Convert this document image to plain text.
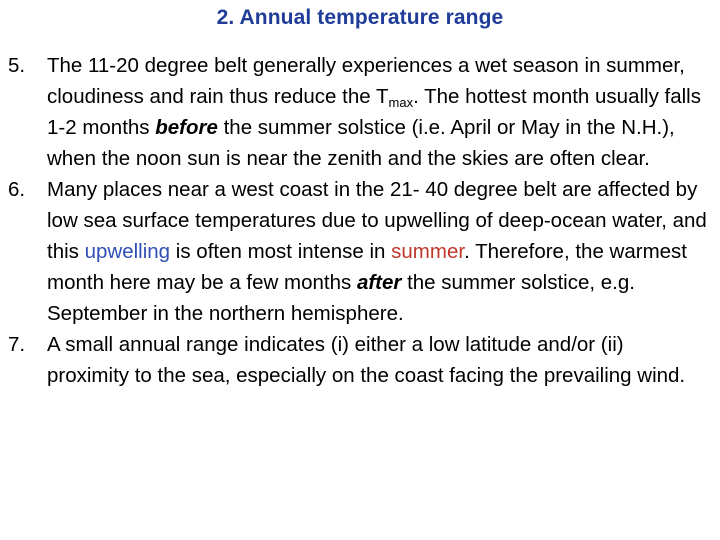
2. Annual temperature range
5. The 11-20 degree belt generally experiences a wet season in summer, cloudiness and rain thus reduce the $T_{max}$. The hottest month usually falls 1-2 months before the summer solstice (i.e. April or May in the N.H.), when the noon sun is near the zenith and the skies are often clear.
6. Many places near a west coast in the 21- 40 degree belt are affected by low sea surface temperatures due to upwelling of deep-ocean water, and this upwelling is often most intense in summer. Therefore, the warmest month here may be a few months after the summer solstice, e.g. September in the northern hemisphere.
7. A small annual range indicates (i) either a low latitude and/or (ii) proximity to the sea, especially on the coast facing the prevailing wind.
